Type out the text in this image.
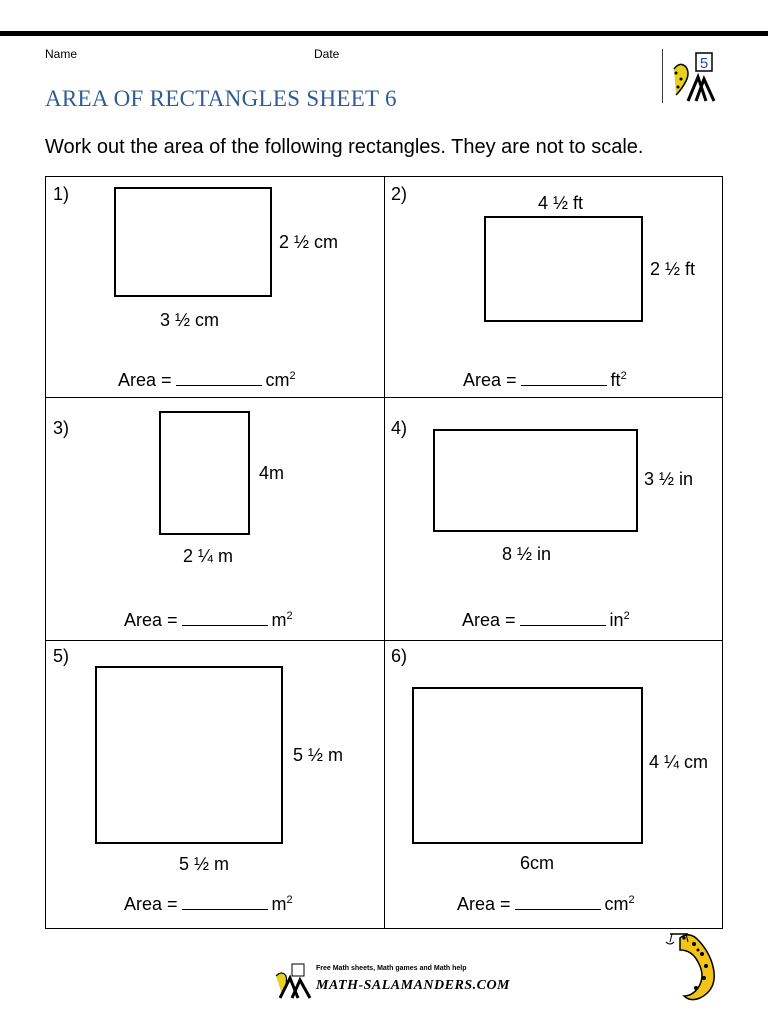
Name	Date
5
AREA OF RECTANGLES SHEET 6
Work out the area of the following rectangles. They are not to scale.
1)
2 ½ cm
3 ½ cm
Area =	$cm^2$
2)	4 ½ ft
2 ½ ft
Area =	$ft^2$
3)
4m
2 ¼ m
Area =	$m^2$
4)
3 ½ in
8 ½ in
Area =	$in^2$
5)
5 ½ m
5 ½ m
Area =	$m^2$
6)
4 ¼ cm
6cm
Area =	$cm^2$
Free Math sheets, Math games and Math help
MATH-SALAMANDERS.COM
